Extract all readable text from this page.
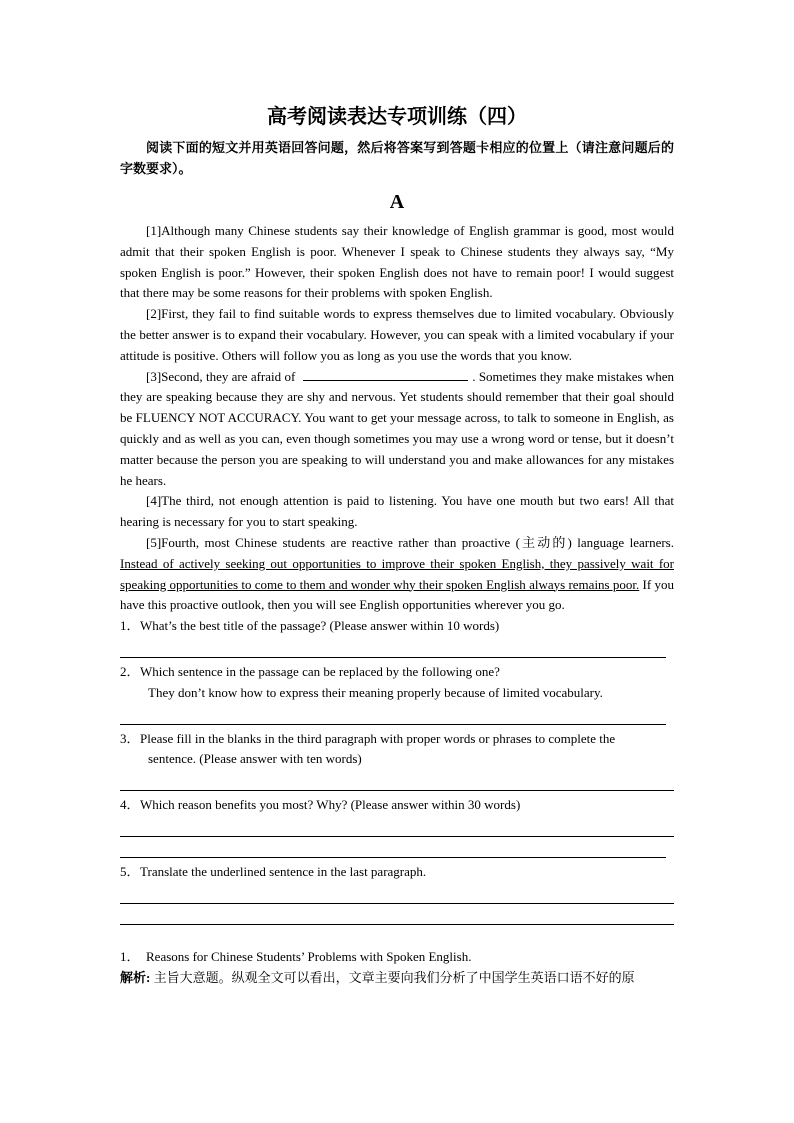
高考阅读表达专项训练（四）

阅读下面的短文并用英语回答问题，然后将答案写到答题卡相应的位置上（请注意问题后的字数要求）。

A

[1]Although many Chinese students say their knowledge of English grammar is good, most would admit that their spoken English is poor. Whenever I speak to Chinese students they always say, “My spoken English is poor.” However, their spoken English does not have to remain poor! I would suggest that there may be some reasons for their problems with spoken English.

[2]First, they fail to find suitable words to express themselves due to limited vocabulary. Obviously the better answer is to expand their vocabulary. However, you can speak with a limited vocabulary if your attitude is positive. Others will follow you as long as you use the words that you know.

[3]Second, they are afraid of	. Sometimes they make mistakes when they are speaking because they are shy and nervous. Yet students should remember that their goal should be FLUENCY NOT ACCURACY. You want to get your message across, to talk to someone in English, as quickly and as well as you can, even though sometimes you may use a wrong word or tense, but it doesn’t matter because the person you are speaking to will understand you and make allowances for any mistakes he hears.

[4]The third, not enough attention is paid to listening. You have one mouth but two ears! All that hearing is necessary for you to start speaking.

[5]Fourth, most Chinese students are reactive rather than proactive (主动的) language learners. Instead of actively seeking out opportunities to improve their spoken English, they passively wait for speaking opportunities to come to them and wonder why their spoken English always remains poor. If you have this proactive outlook, then you will see English opportunities wherever you go.

1．What’s the best title of the passage? (Please answer within 10 words)

2．Which sentence in the passage can be replaced by the following one?

They don’t know how to express their meaning properly because of limited vocabulary.

3．Please fill in the blanks in the third paragraph with proper words or phrases to complete the

sentence. (Please answer with ten words)

4．Which reason benefits you most? Why? (Please answer within 30 words)

5．Translate the underlined sentence in the last paragraph.

1． Reasons for Chinese Students’ Problems with Spoken English.

解析: 主旨大意题。纵观全文可以看出，文章主要向我们分析了中国学生英语口语不好的原
